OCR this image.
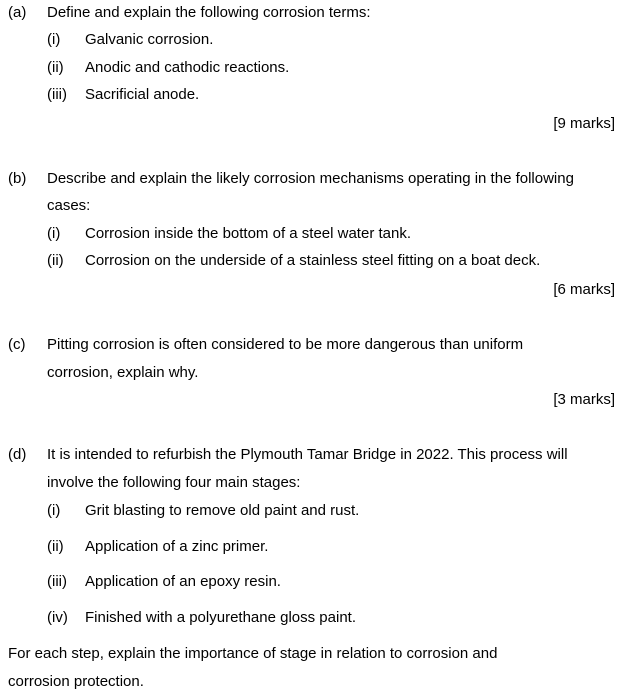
(a) Define and explain the following corrosion terms:
(i) Galvanic corrosion.
(ii) Anodic and cathodic reactions.
(iii) Sacrificial anode.
[9 marks]
(b) Describe and explain the likely corrosion mechanisms operating in the following
cases:
(i) Corrosion inside the bottom of a steel water tank.
(ii) Corrosion on the underside of a stainless steel fitting on a boat deck.
[6 marks]
(c) Pitting corrosion is often considered to be more dangerous than uniform
corrosion, explain why.
[3 marks]
(d) It is intended to refurbish the Plymouth Tamar Bridge in 2022. This process will
involve the following four main stages:
(i) Grit blasting to remove old paint and rust.
(ii) Application of a zinc primer.
(iii) Application of an epoxy resin.
(iv) Finished with a polyurethane gloss paint.
For each step, explain the importance of stage in relation to corrosion and
corrosion protection.
